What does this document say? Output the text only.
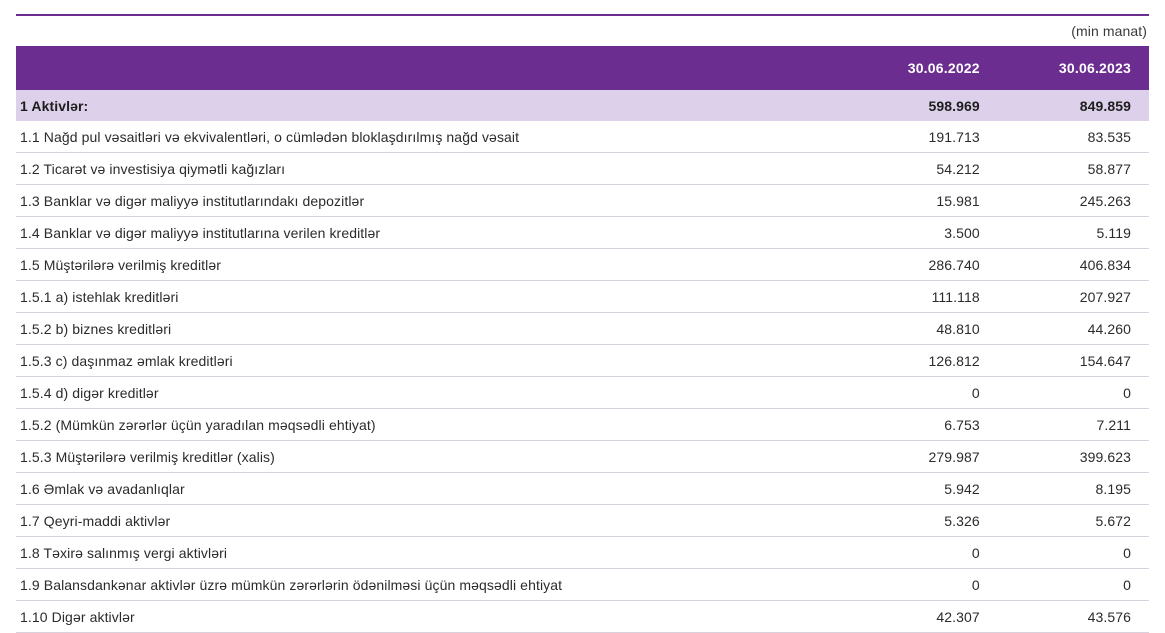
(min manat)
	30.06.2022	30.06.2023
1 Aktivlər:	598.969	849.859
1.1 Nağd pul vəsaitləri və ekvivalentləri, o cümlədən bloklaşdırılmış nağd vəsait	191.713	83.535
1.2 Ticarət və investisiya qiymətli kağızları	54.212	58.877
1.3 Banklar və digər maliyyə institutlarındakı depozitlər	15.981	245.263
1.4 Banklar və digər maliyyə institutlarına verilen kreditlər	3.500	5.119
1.5 Müştərilərə verilmiş kreditlər	286.740	406.834
1.5.1 a) istehlak kreditləri	111.118	207.927
1.5.2 b) biznes kreditləri	48.810	44.260
1.5.3 c) daşınmaz əmlak kreditləri	126.812	154.647
1.5.4 d) digər kreditlər	0	0
1.5.2 (Mümkün zərərlər üçün yaradılan məqsədli ehtiyat)	6.753	7.211
1.5.3 Müştərilərə verilmiş kreditlər (xalis)	279.987	399.623
1.6 Əmlak və avadanlıqlar	5.942	8.195
1.7 Qeyri-maddi aktivlər	5.326	5.672
1.8 Təxirə salınmış vergi aktivləri	0	0
1.9 Balansdankənar aktivlər üzrə mümkün zərərlərin ödənilməsi üçün məqsədli ehtiyat	0	0
1.10 Digər aktivlər	42.307	43.576
